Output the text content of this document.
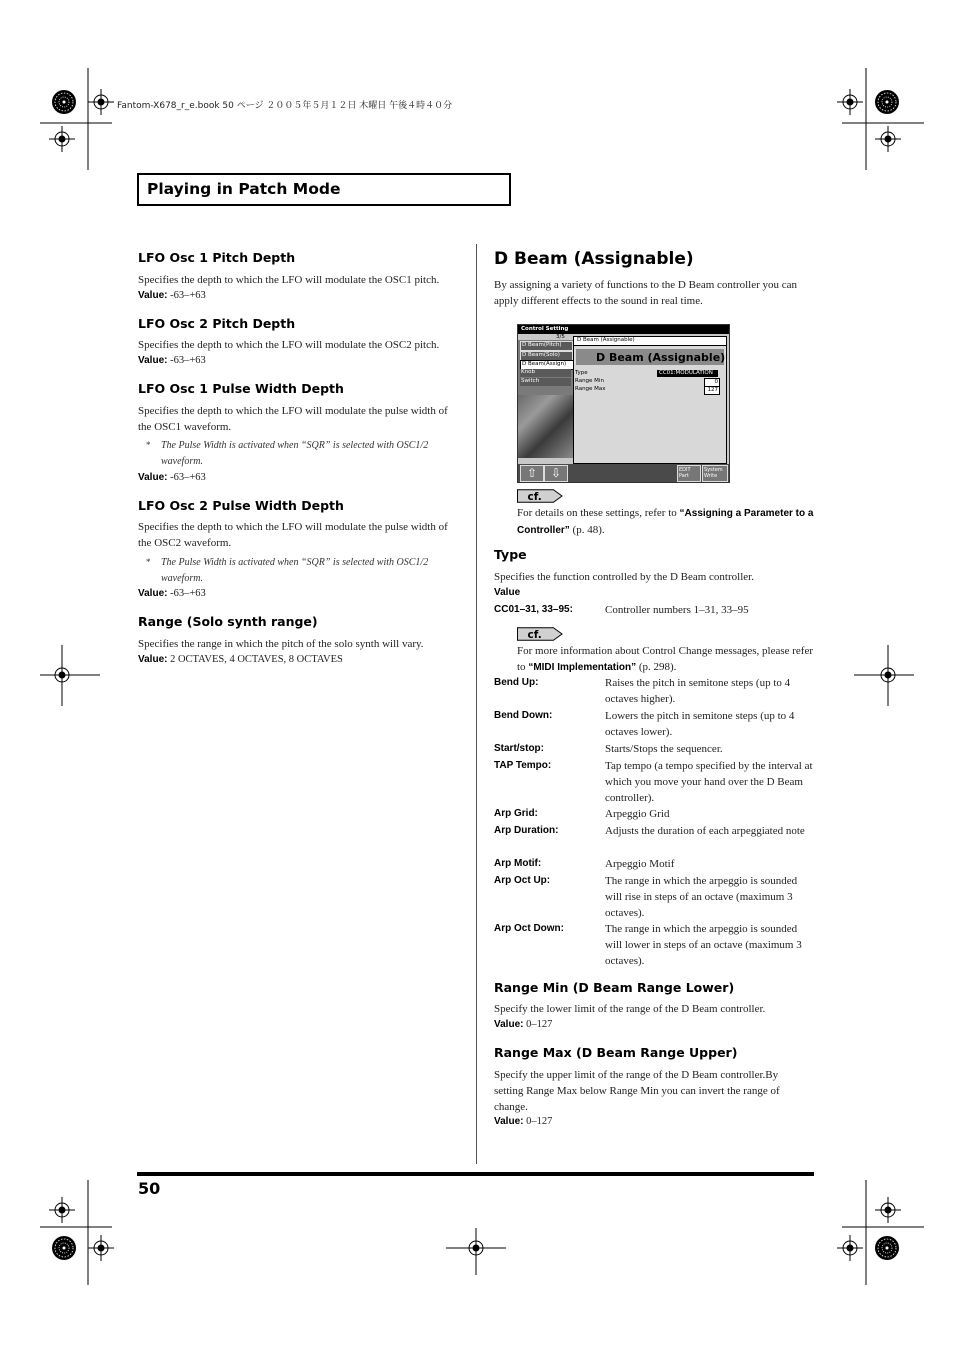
Fantom-X678_r_e.book 50 ページ ２００５年５月１２日 木曜日 午後４時４０分
Playing in Patch Mode
LFO Osc 1 Pitch Depth
Specifies the depth to which the LFO will modulate the OSC1 pitch.
Value: -63–+63
LFO Osc 2 Pitch Depth
Specifies the depth to which the LFO will modulate the OSC2 pitch.
Value: -63–+63
LFO Osc 1 Pulse Width Depth
Specifies the depth to which the LFO will modulate the pulse width of the OSC1 waveform.
* The Pulse Width is activated when “SQR” is selected with OSC1/2 waveform.
Value: -63–+63
LFO Osc 2 Pulse Width Depth
Specifies the depth to which the LFO will modulate the pulse width of the OSC2 waveform.
* The Pulse Width is activated when “SQR” is selected with OSC1/2 waveform.
Value: -63–+63
Range (Solo synth range)
Specifies the range in which the pitch of the solo synth will vary.
Value: 2 OCTAVES, 4 OCTAVES, 8 OCTAVES
D Beam (Assignable)
By assigning a variety of functions to the D Beam controller you can apply different effects to the sound in real time.
Control Setting
3/5
D Beam(Pitch)
D Beam(Solo)
D Beam(Assign)
Knob
Switch
D Beam (Assignable)
D Beam (Assignable)
Type	CC01:MODULATION
Range Min	0
Range Max	127
⇧	⇩	EDIT Part
System Write
cf.
For details on these settings, refer to “Assigning a Parameter to a Controller” (p. 48).
Type
Specifies the function controlled by the D Beam controller.
Value
CC01–31, 33–95:	Controller numbers 1–31, 33–95
cf.
For more information about Control Change messages, please refer to “MIDI Implementation” (p. 298).
Bend Up:	Raises the pitch in semitone steps (up to 4 octaves higher).
Bend Down:	Lowers the pitch in semitone steps (up to 4 octaves lower).
Start/stop:	Starts/Stops the sequencer.
TAP Tempo:	Tap tempo (a tempo specified by the interval at which you move your hand over the D Beam controller).
Arp Grid:	Arpeggio Grid
Arp Duration:	Adjusts the duration of each arpeggiated note
Arp Motif:	Arpeggio Motif
Arp Oct Up:	The range in which the arpeggio is sounded will rise in steps of an octave (maximum 3 octaves).
Arp Oct Down:	The range in which the arpeggio is sounded will lower in steps of an octave (maximum 3 octaves).
Range Min (D Beam Range Lower)
Specify the lower limit of the range of the D Beam controller.
Value: 0–127
Range Max (D Beam Range Upper)
Specify the upper limit of the range of the D Beam controller.By setting Range Max below Range Min you can invert the range of change.
Value: 0–127
50
